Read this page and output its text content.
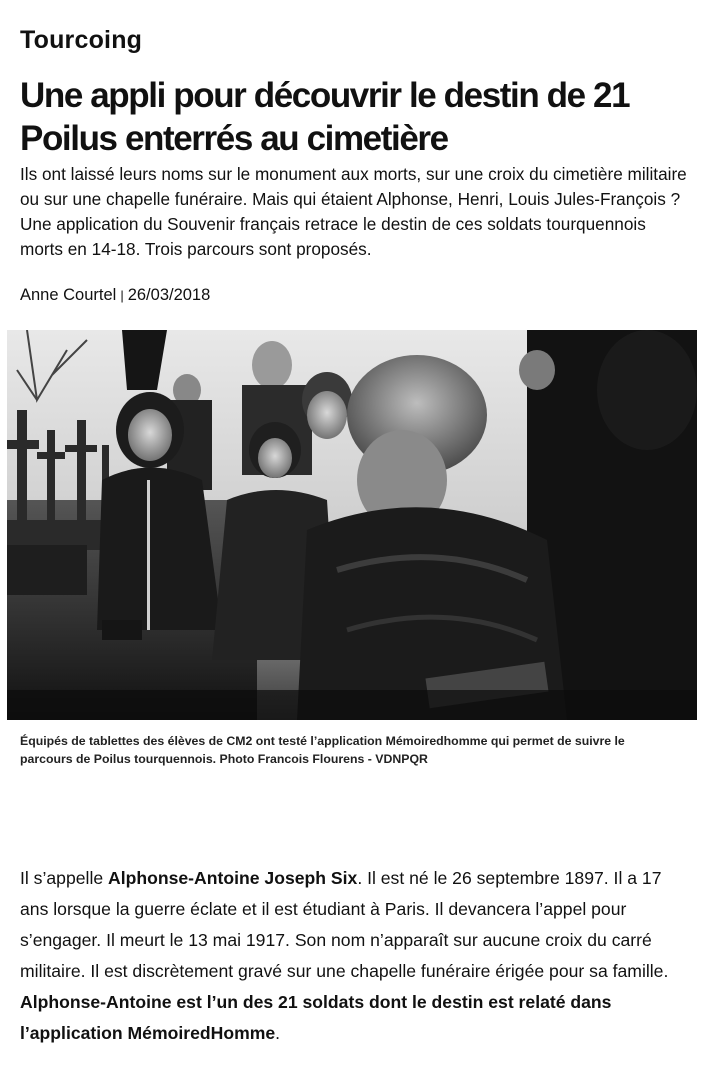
Tourcoing
Une appli pour découvrir le destin de 21 Poilus enterrés au cimetière

Ils ont laissé leurs noms sur le monument aux morts, sur une croix du cimetière militaire ou sur une chapelle funéraire. Mais qui étaient Alphonse, Henri, Louis Jules-François ? Une application du Souvenir français retrace le destin de ces soldats tourquennois morts en 14-18. Trois parcours sont proposés.

Anne Courtel | 26/03/2018

Équipés de tablettes des élèves de CM2 ont testé l’application Mémoiredhomme qui permet de suivre le parcours de Poilus tourquennois. Photo Francois Flourens - VDNPQR

Il s’appelle Alphonse-Antoine Joseph Six. Il est né le 26 septembre 1897. Il a 17 ans lorsque la guerre éclate et il est étudiant à Paris. Il devancera l’appel pour s’engager. Il meurt le 13 mai 1917. Son nom n’apparaît sur aucune croix du carré militaire. Il est discrètement gravé sur une chapelle funéraire érigée pour sa famille. Alphonse-Antoine est l’un des 21 soldats dont le destin est relaté dans l’application MémoiredHomme.
